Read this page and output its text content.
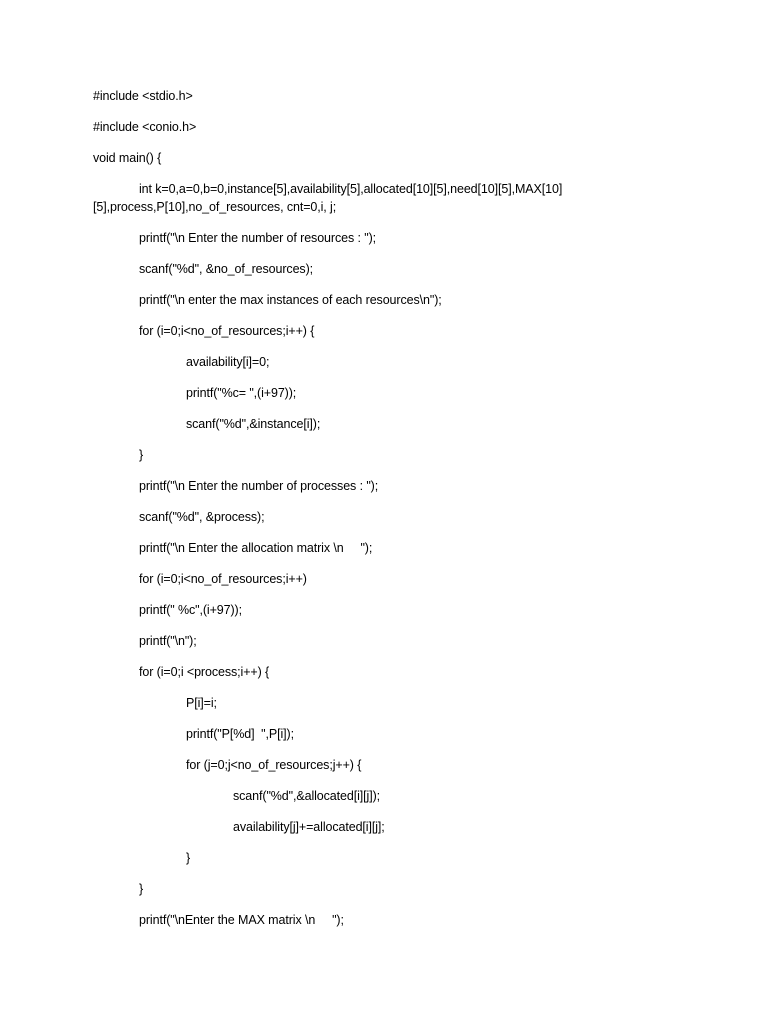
#include <stdio.h>
#include <conio.h>
void main() {
int k=0,a=0,b=0,instance[5],availability[5],allocated[10][5],need[10][5],MAX[10]
[5],process,P[10],no_of_resources, cnt=0,i, j;
printf("\n Enter the number of resources : ");
scanf("%d", &no_of_resources);
printf("\n enter the max instances of each resources\n");
for (i=0;i<no_of_resources;i++) {
availability[i]=0;
printf("%c= ",(i+97));
scanf("%d",&instance[i]);
}
printf("\n Enter the number of processes : ");
scanf("%d", &process);
printf("\n Enter the allocation matrix \n     ");
for (i=0;i<no_of_resources;i++)
printf(" %c",(i+97));
printf("\n");
for (i=0;i <process;i++) {
P[i]=i;
printf("P[%d]  ",P[i]);
for (j=0;j<no_of_resources;j++) {
scanf("%d",&allocated[i][j]);
availability[j]+=allocated[i][j];
}
}
printf("\nEnter the MAX matrix \n     ");
